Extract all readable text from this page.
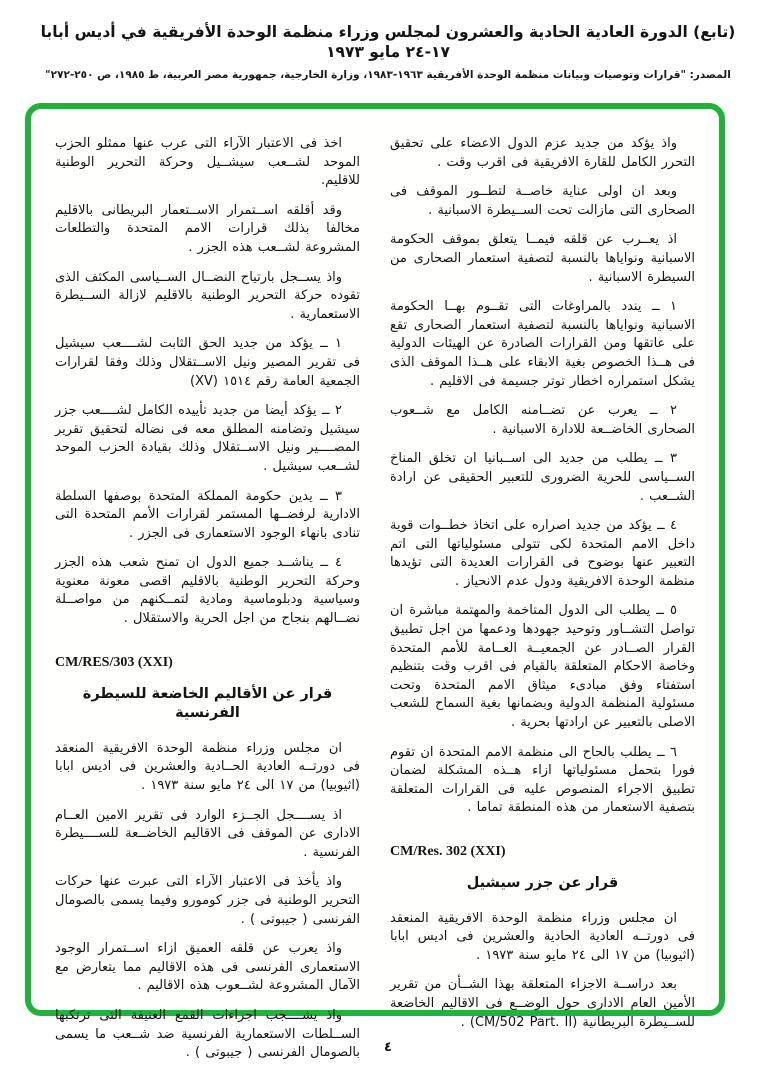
(تابع) الدورة العادية الحادية والعشرون لمجلس وزراء منظمة الوحدة الأفريقية في أديس أبابا ١٧-٢٤ مايو ١٩٧٣
المصدر: "قرارات وتوصيات وبيانات منظمة الوحدة الأفريقية ١٩٦٣-١٩٨٣، وزارة الخارجية، جمهورية مصر العربية، ط ١٩٨٥، ص ٢٥٠-٢٧٢"

واذ يؤكد من جديد عزم الدول الاعضاء على تحقيق التحرر الكامل للقارة الافريقية فى اقرب وقت .

وبعد ان اولى عناية خاصــة لتطــور الموقف فى الصحارى التى مازالت تحت الســيطرة الاسبانية .

اذ يعــرب عن قلقه فيمــا يتعلق بموقف الحكومة الاسبانية ونواياها بالنسبة لتصفية استعمار الصحارى من السيطرة الاسبانية .

١ ــ يندد بالمراوغات التى تقــوم بهــا الحكومة الاسبانية ونواياها بالنسبة لتصفية استعمار الصحارى تقع على عاتقها ومن القرارات الصادرة عن الهيئات الدولية فى هــذا الخصوص بغية الابقاء على هــذا الموقف الذى يشكل استمراره اخطار توتر جسيمة فى الاقليم .

٢ ــ يعرب عن تضــامنه الكامل مع شــعوب الصحارى الخاضــعة للادارة الاسبانية .

٣ ــ يطلب من جديد الى اســبانيا ان تخلق المناخ الســياسى للحرية الضرورى للتعبير الحقيقى عن ارادة الشــعب .

٤ ــ يؤكد من جديد اصراره على اتخاذ خطــوات قوية داخل الامم المتحدة لكى تتولى مسئولياتها التى اتم التعبير عنها بوضوح فى القرارات العديدة التى تؤيدها منظمة الوحدة الافريقية ودول عدم الانحياز .

٥ ــ يطلب الى الدول المتاخمة والمهتمة مباشرة ان تواصل التشــاور وتوحيد جهودها ودعمها من اجل تطبيق القرار الصــادر عن الجمعيــة العــامة للأمم المتحدة وخاصة الاحكام المتعلقة بالقيام فى اقرب وقت بتنظيم استفتاء وفق مبادىء ميثاق الامم المتحدة وتحت مسئولية المنظمة الدولية وبضمانها بغية السماح للشعب الاصلى بالتعبير عن ارادتها بحرية .

٦ ــ يطلب بالحاح الى منظمة الامم المتحدة ان تقوم فورا بتحمل مسئولياتها ازاء هــذه المشكلة لضمان تطبيق الاجراء المنصوص عليه فى القرارات المتعلقة بتصفية الاستعمار من هذه المنطقة تماما .

CM/Res. 302 (XXI)

قرار عن جزر سيشيل

ان مجلس وزراء منظمة الوحدة الافريقية المنعقد فى دورتــه العادية الحادية والعشرين فى اديس ابابا (اثيوبيا) من ١٧ الى ٢٤ مايو سنة ١٩٧٣ .

بعد دراســة الاجزاء المتعلقة بهذا الشــأن من تقرير الأمين العام الادارى حول الوضــع فى الاقاليم الخاضعة للســيطرة البريطانية (CM/502 Part. II) .

اخذ فى الاعتبار الآراء التى عرب عنها ممثلو الحزب الموحد لشــعب سيشــيل وحركة التحرير الوطنية للاقليم.

وقد أقلقه اســتمرار الاســتعمار البريطانى بالاقليم مخالفا بذلك قرارات الامم المتحدة والتطلعات المشروعة لشــعب هذه الجزر .

واذ يســجل بارتياح النضــال الســياسى المكثف الذى تقوده حركة التحرير الوطنية بالاقليم لازالة الســيطرة الاستعمارية .

١ ــ يؤكد من جديد الحق الثابت لشــــعب سيشيل فى تقرير المصير ونيل الاســتقلال وذلك وفقا لقرارات الجمعية العامة رقم ١٥١٤ (XV)

٢ ــ يؤكد أيضا من جديد تأييده الكامل لشــــعب جزر سيشيل وتضامنه المطلق معه فى نضاله لتحقيق تقرير المصــــير ونيل الاســتقلال وذلك بقيادة الحزب الموحد لشــعب سيشيل .

٣ ــ يدين حكومة المملكة المتحدة بوصفها السلطة الادارية لرفضــها المستمر لقرارات الأمم المتحدة التى تنادى بانهاء الوجود الاستعمارى فى الجزر .

٤ ــ يناشــد جميع الدول ان تمنح شعب هذه الجزر وحركة التحرير الوطنية بالاقليم اقصى معونة معنوية وسياسية ودبلوماسية ومادية لتمــكنهم من مواصــلة نضــالهم بنجاح من اجل الحرية والاستقلال .

CM/RES/303 (XXI)

قرار عن الأقاليم الخاضعة للسيطرة الفرنسية

ان مجلس وزراء منظمة الوحدة الافريقية المنعقد فى دورتــه العادية الحــادية والعشرين فى اديس ابابا (اثيوبيا) من ١٧ الى ٢٤ مايو سنة ١٩٧٣ .

اذ يســــجل الجــزء الوارد فى تقرير الامين العــام الادارى عن الموقف فى الاقاليم الخاضــعة للســــيطرة الفرنسية .

واذ يأخذ فى الاعتبار الآراء التى عبرت عنها حركات التحرير الوطنية فى جزر كومورو وفيما يسمى بالصومال الفرنسى ( جيبوتى ) .

واذ يعرب عن قلقه العميق ازاء اســتمرار الوجود الاستعمارى الفرنسى فى هذه الاقاليم مما يتعارض مع الآمال المشروعة لشــعوب هذه الاقاليم .

واذ يشــــجب اجراءات القمع العنيفة التى ترتكبها الســلطات الاستعمارية الفرنسية ضد شــعب ما يسمى بالصومال الفرنسى ( جيبوتى ) .	٤
